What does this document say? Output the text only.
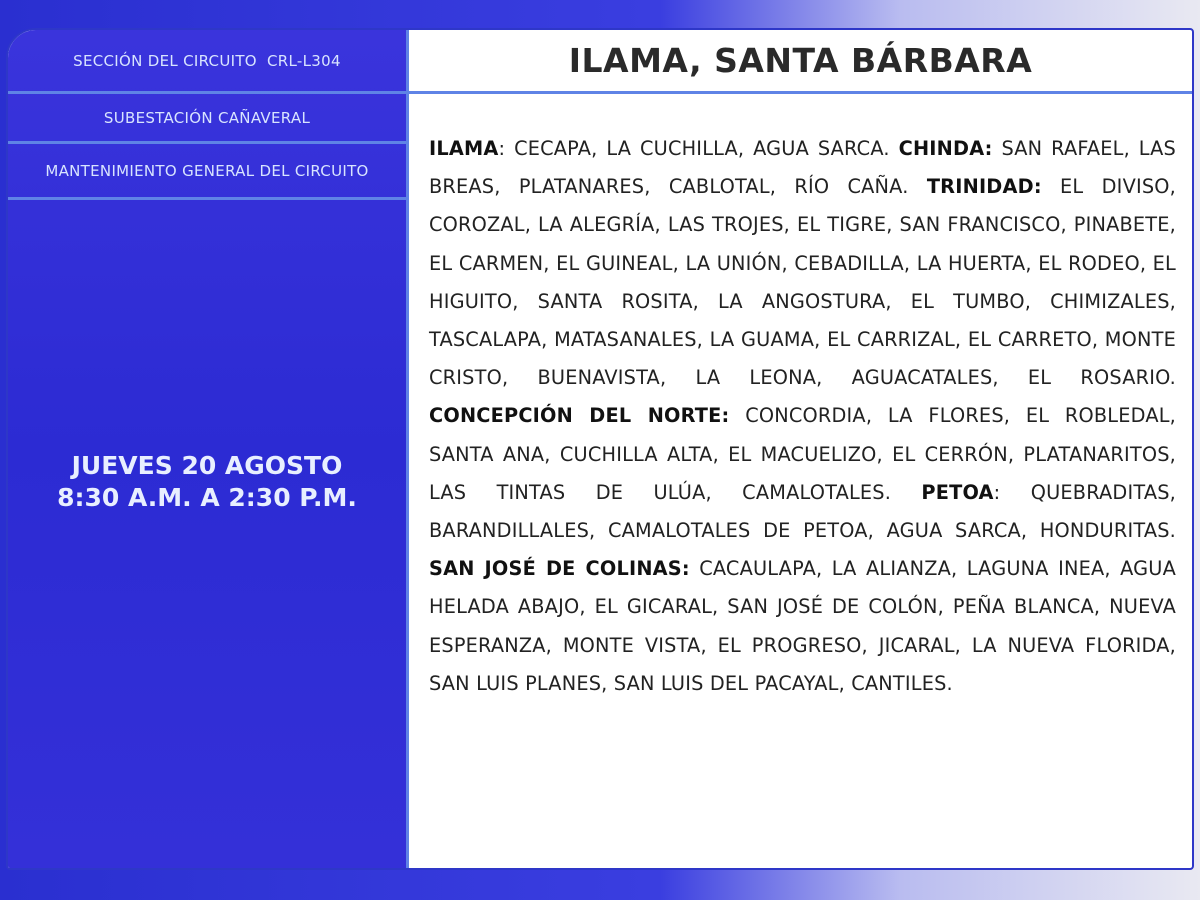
SECCIÓN DEL CIRCUITO  CRL-L304
SUBESTACIÓN CAÑAVERAL
MANTENIMIENTO GENERAL DEL CIRCUITO
JUEVES 20 AGOSTO
8:30 A.M. A 2:30 P.M.
ILAMA, SANTA BÁRBARA
ILAMA: CECAPA, LA CUCHILLA, AGUA SARCA. CHINDA: SAN RAFAEL, LAS BREAS, PLATANARES, CABLOTAL, RÍO CAÑA. TRINIDAD: EL DIVISO, COROZAL, LA ALEGRÍA, LAS TROJES, EL TIGRE, SAN FRANCISCO, PINABETE, EL CARMEN, EL GUINEAL, LA UNIÓN, CEBADILLA, LA HUERTA, EL RODEO, EL HIGUITO, SANTA ROSITA, LA ANGOSTURA, EL TUMBO, CHIMIZALES, TASCALAPA, MATASANALES, LA GUAMA, EL CARRIZAL, EL CARRETO, MONTE CRISTO, BUENAVISTA, LA LEONA, AGUACATALES, EL ROSARIO. CONCEPCIÓN DEL NORTE: CONCORDIA, LA FLORES, EL ROBLEDAL, SANTA ANA, CUCHILLA ALTA, EL MACUELIZO, EL CERRÓN, PLATANARITOS, LAS TINTAS DE ULÚA, CAMALOTALES. PETOA: QUEBRADITAS, BARANDILLALES, CAMALOTALES DE PETOA, AGUA SARCA, HONDURITAS. SAN JOSÉ DE COLINAS: CACAULAPA, LA ALIANZA, LAGUNA INEA, AGUA HELADA ABAJO, EL GICARAL, SAN JOSÉ DE COLÓN, PEÑA BLANCA, NUEVA ESPERANZA, MONTE VISTA, EL PROGRESO, JICARAL, LA NUEVA FLORIDA, SAN LUIS PLANES, SAN LUIS DEL PACAYAL, CANTILES.
